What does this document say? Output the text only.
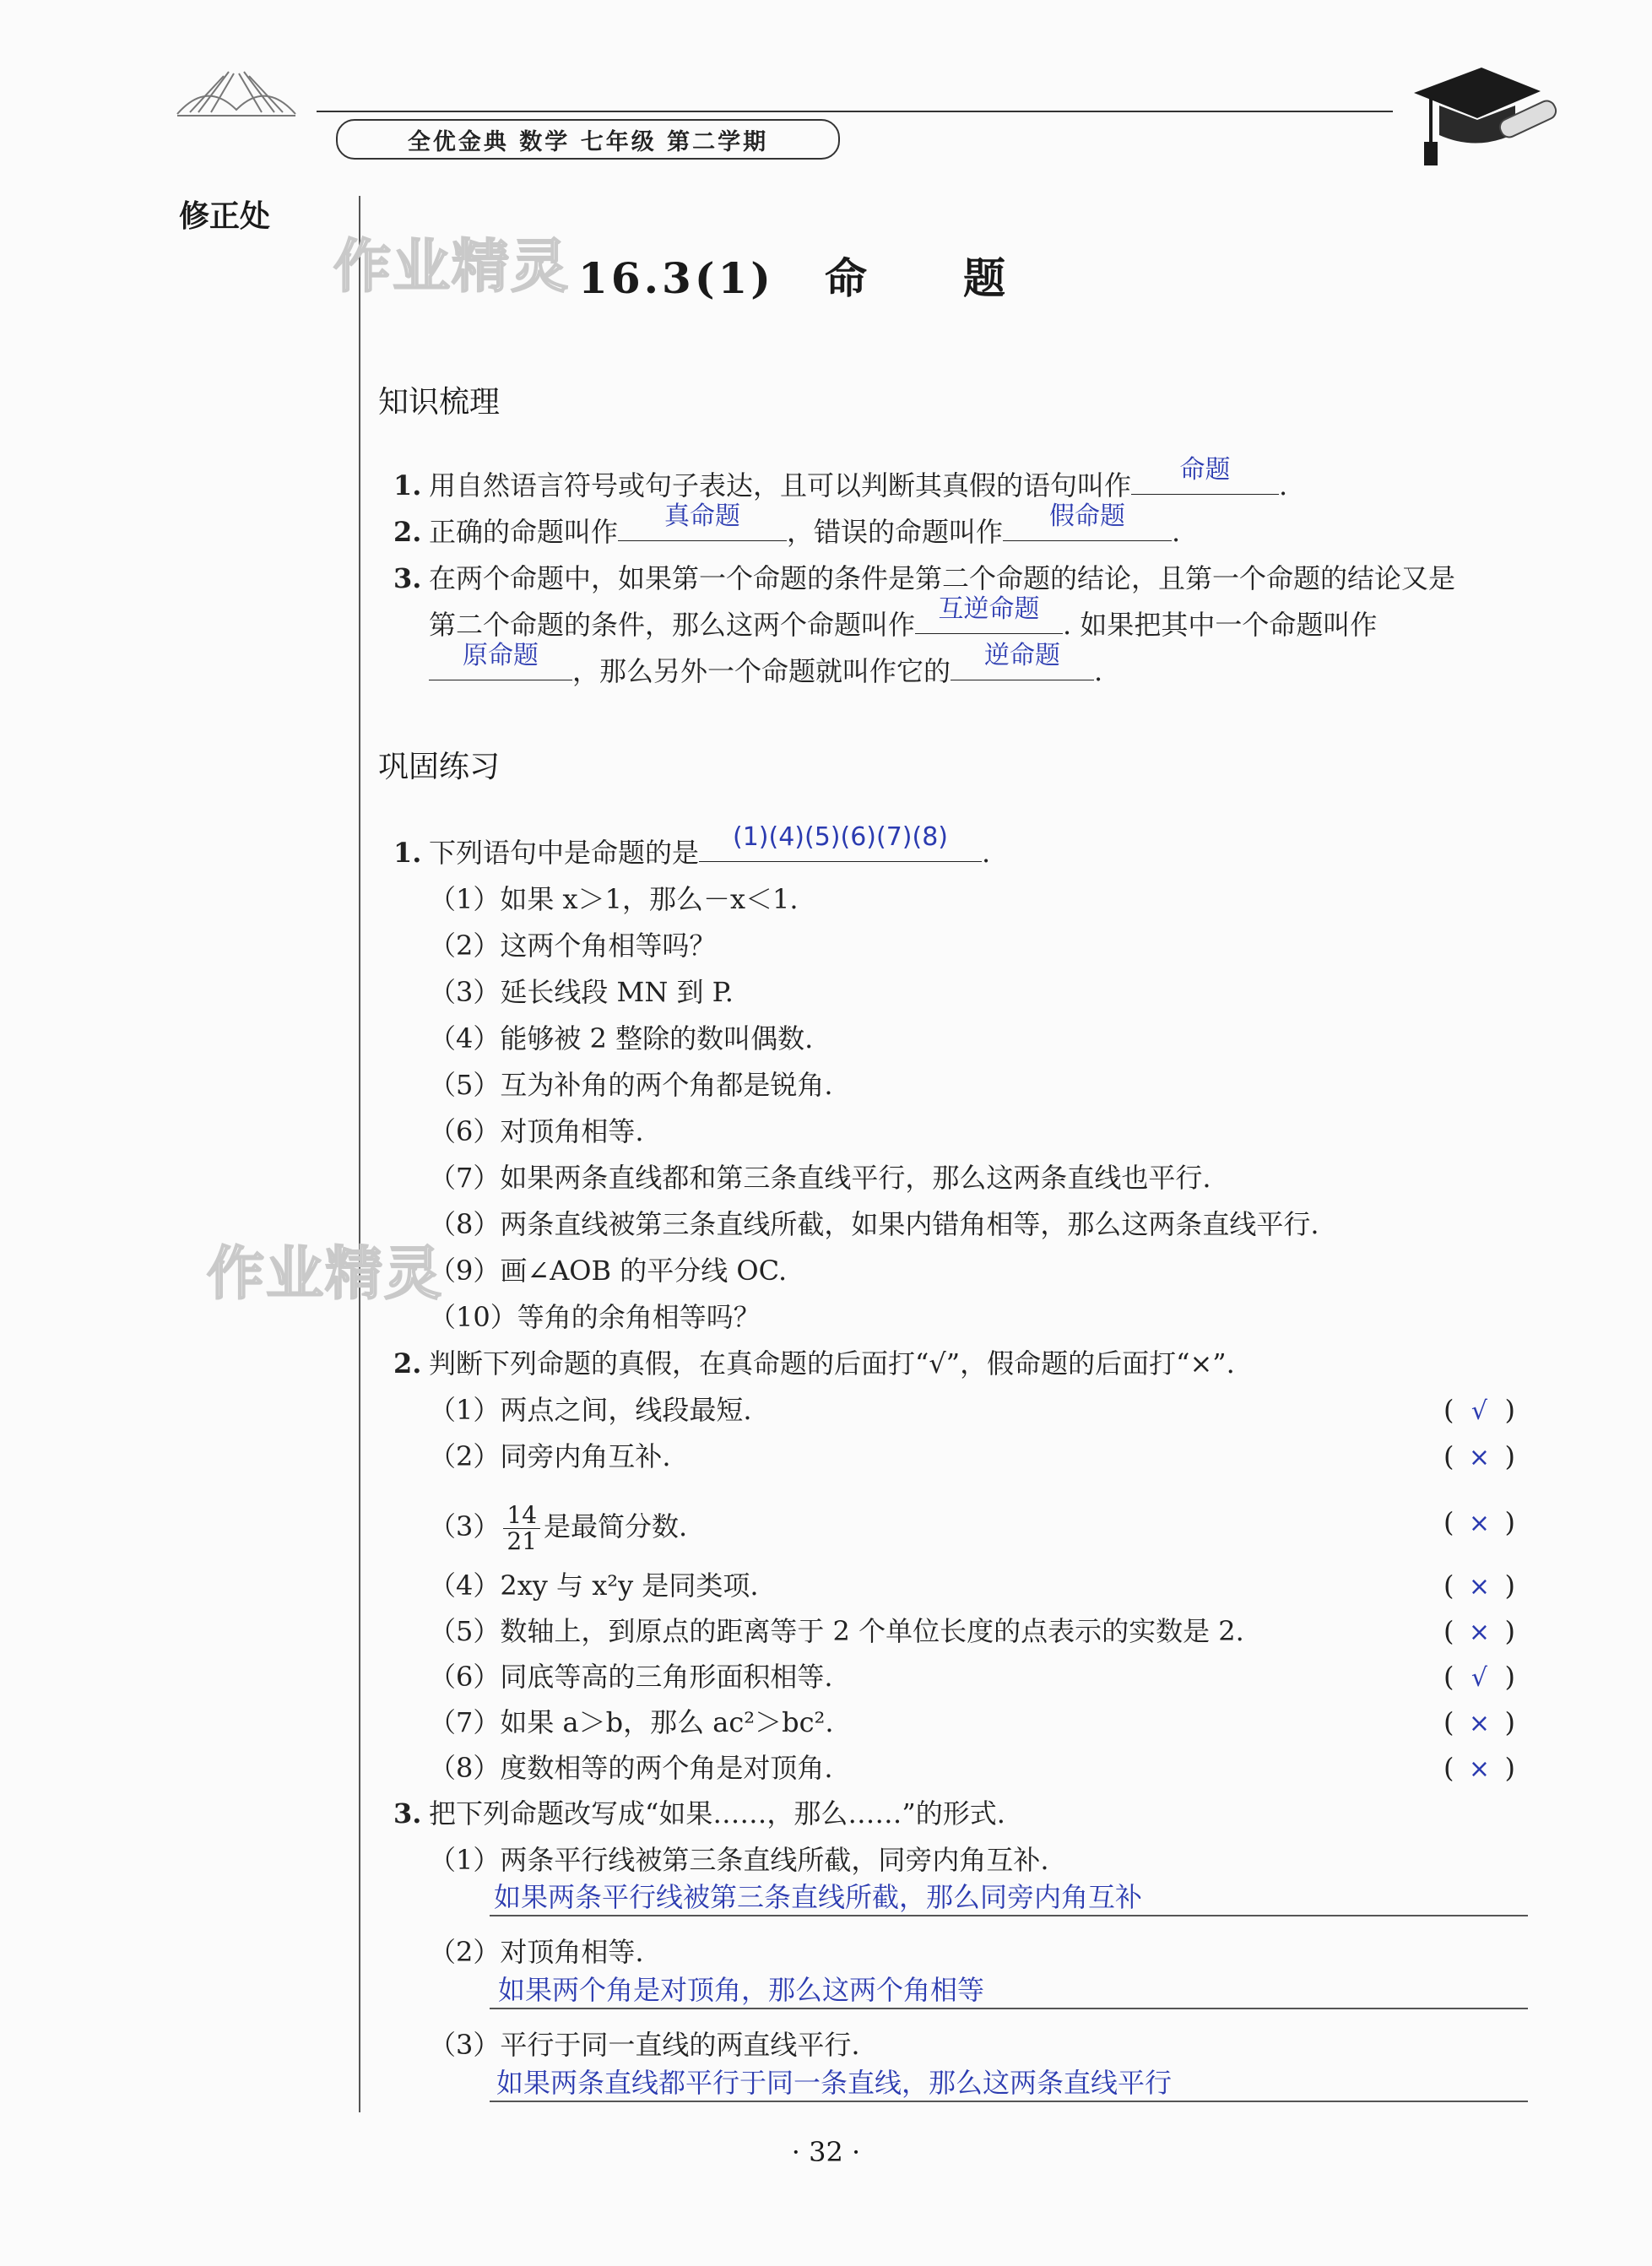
全优金典 数学 七年级 第二学期
修正处
作业精灵
作业精灵
16.3(1) 命 题
知识梳理
1. 用自然语言符号或句子表达，且可以判断其真假的语句叫作	命题	.
2. 正确的命题叫作	真命题	，错误的命题叫作	假命题	.
3. 在两个命题中，如果第一个命题的条件是第二个命题的结论，且第一个命题的结论又是
第二个命题的条件，那么这两个命题叫作 互逆命题 . 如果把其中一个命题叫作
原命题	，那么另外一个命题就叫作它的	逆命题	.
巩固练习
1. 下列语句中是命题的是	(1)(4)(5)(6)(7)(8)	.
（1）如果 x＞1，那么－x＜1.
（2）这两个角相等吗？
（3）延长线段 MN 到 P.
（4）能够被 2 整除的数叫偶数.
（5）互为补角的两个角都是锐角.
（6）对顶角相等.
（7）如果两条直线都和第三条直线平行，那么这两条直线也平行.
（8）两条直线被第三条直线所截，如果内错角相等，那么这两条直线平行.
（9）画∠AOB 的平分线 OC.
（10）等角的余角相等吗？
2. 判断下列命题的真假，在真命题的后面打“√”，假命题的后面打“×”.
（1）两点之间，线段最短.	( √ )
（2）同旁内角互补.	( × )
$(3) \frac{14}{21}$ 是最简分数.	( × )
（4）2xy 与 x²y 是同类项.	( × )
（5）数轴上，到原点的距离等于 2 个单位长度的点表示的实数是 2.	( × )
（6）同底等高的三角形面积相等.	( √ )
（7）如果 a＞b，那么 ac²＞bc².	( × )
（8）度数相等的两个角是对顶角.	( × )
3. 把下列命题改写成“如果……，那么……”的形式.
（1）两条平行线被第三条直线所截，同旁内角互补.
如果两条平行线被第三条直线所截，那么同旁内角互补
（2）对顶角相等.
如果两个角是对顶角，那么这两个角相等
（3）平行于同一直线的两直线平行.
如果两条直线都平行于同一条直线，那么这两条直线平行
· 32 ·
